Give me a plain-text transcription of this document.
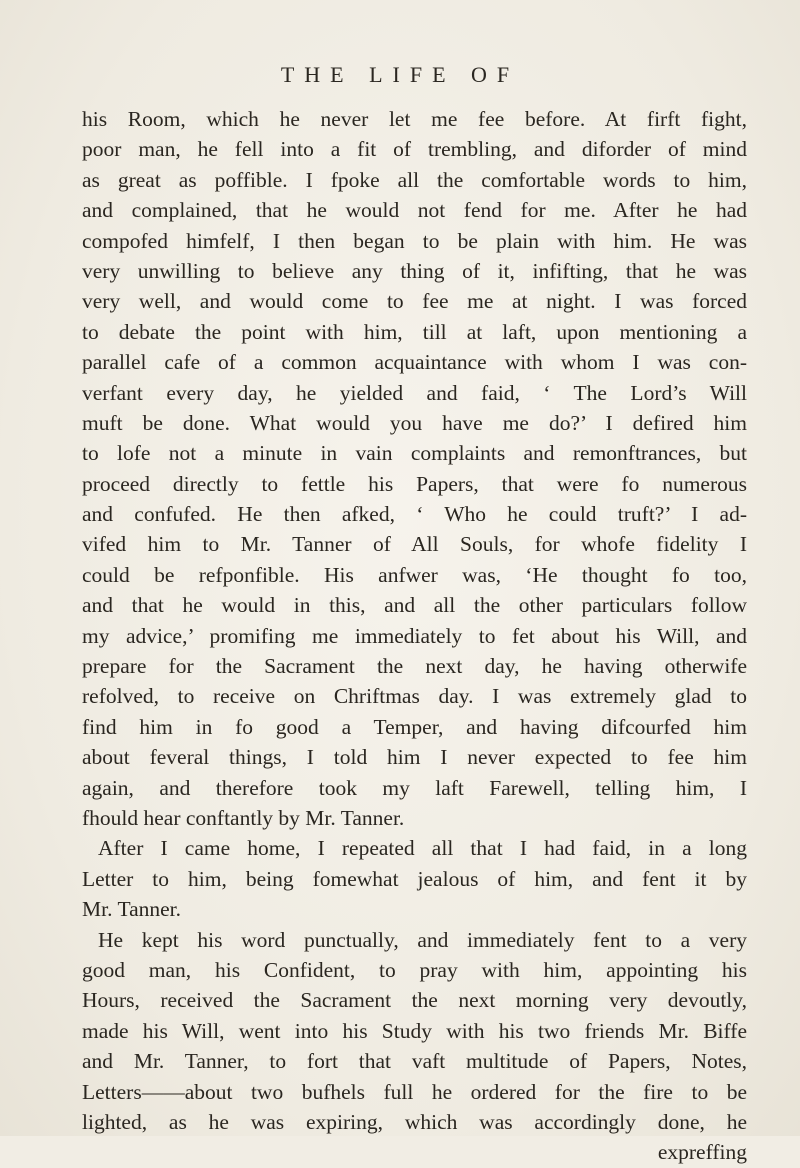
THE LIFE OF
his Room, which he never let me fee before. At firft fight,
poor man, he fell into a fit of trembling, and diforder of mind
as great as poffible. I fpoke all the comfortable words to him,
and complained, that he would not fend for me. After he had
compofed himfelf, I then began to be plain with him. He was
very unwilling to believe any thing of it, infifting, that he was
very well, and would come to fee me at night. I was forced
to debate the point with him, till at laft, upon mentioning a
parallel cafe of a common acquaintance with whom I was con-
verfant every day, he yielded and faid, ‘ The Lord’s Will
muft be done. What would you have me do?’ I defired him
to lofe not a minute in vain complaints and remonftrances, but
proceed directly to fettle his Papers, that were fo numerous
and confufed. He then afked, ‘ Who he could truft?’ I ad-
vifed him to Mr. Tanner of All Souls, for whofe fidelity I
could be refponfible. His anfwer was, ‘He thought fo too,
and that he would in this, and all the other particulars follow
my advice,’ promifing me immediately to fet about his Will, and
prepare for the Sacrament the next day, he having otherwife
refolved, to receive on Chriftmas day. I was extremely glad to
find him in fo good a Temper, and having difcourfed him
about feveral things, I told him I never expected to fee him
again, and therefore took my laft Farewell, telling him, I
fhould hear conftantly by Mr. Tanner.
After I came home, I repeated all that I had faid, in a long
Letter to him, being fomewhat jealous of him, and fent it by
Mr. Tanner.
He kept his word punctually, and immediately fent to a very
good man, his Confident, to pray with him, appointing his
Hours, received the Sacrament the next morning very devoutly,
made his Will, went into his Study with his two friends Mr. Biffe
and Mr. Tanner, to fort that vaft multitude of Papers, Notes,
Letters——about two bufhels full he ordered for the fire to be
lighted, as he was expiring, which was accordingly done, he
expreffing
